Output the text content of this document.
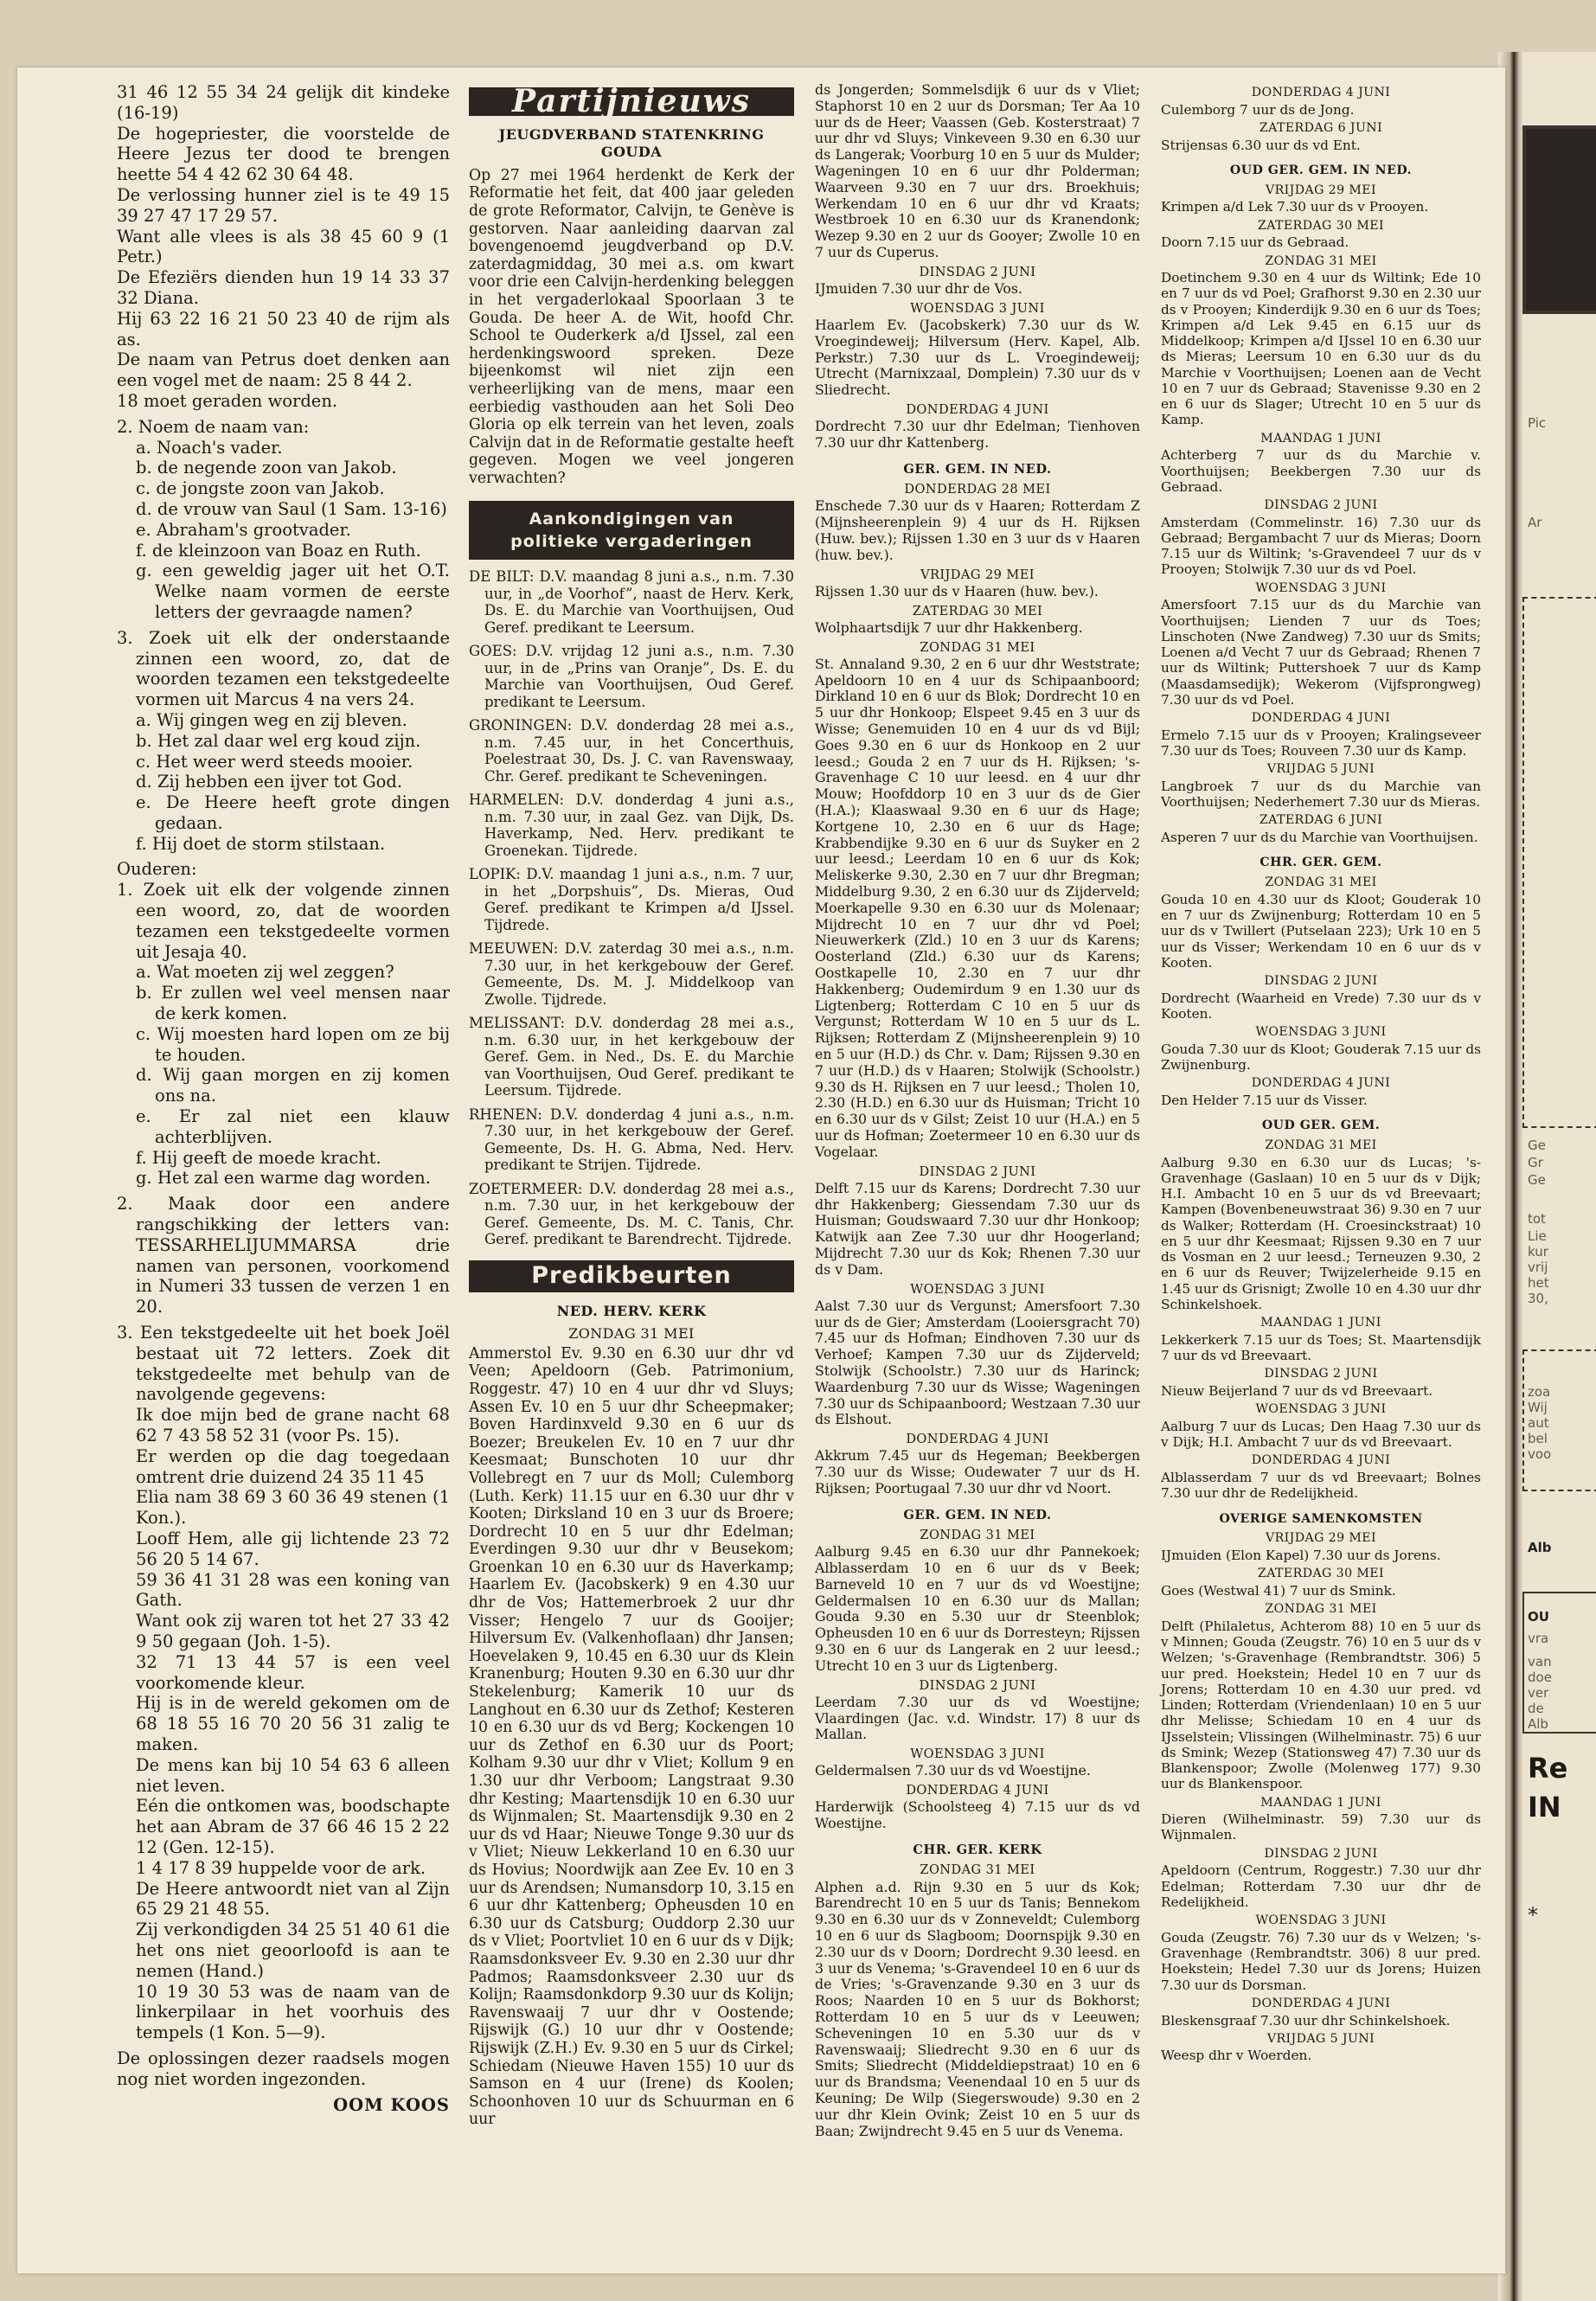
Pic
Ar
Ge
Gr
Ge
tot
Lie
kur
vrij
het
30,
zoa
Wij
aut
bel
voo
Alb
OU
vra
van
doe
ver
de
Alb
Re
IN
*

31 46 12 55 34 24 gelijk dit kindeke (16-19)

De hogepriester, die voorstelde de Heere Jezus ter dood te brengen heette 54 4 42 62 30 64 48.

De verlossing hunner ziel is te 49 15 39 27 47 17 29 57.

Want alle vlees is als 38 45 60 9 (1 Petr.)

De Efeziërs dienden hun 19 14 33 37 32 Diana.

Hij 63 22 16 21 50 23 40 de rijm als as.

De naam van Petrus doet denken aan een vogel met de naam: 25 8 44 2.

18 moet geraden worden.

2. Noem de naam van:

a. Noach's vader.

b. de negende zoon van Jakob.

c. de jongste zoon van Jakob.

d. de vrouw van Saul (1 Sam. 13-16)

e. Abraham's grootvader.

f. de kleinzoon van Boaz en Ruth.

g. een geweldig jager uit het O.T. Welke naam vormen de eerste letters der gevraagde namen?

3. Zoek uit elk der onderstaande zinnen een woord, zo, dat de woorden tezamen een tekstgedeelte vormen uit Marcus 4 na vers 24.

a. Wij gingen weg en zij bleven.

b. Het zal daar wel erg koud zijn.

c. Het weer werd steeds mooier.

d. Zij hebben een ijver tot God.

e. De Heere heeft grote dingen gedaan.

f. Hij doet de storm stilstaan.

Ouderen:

1. Zoek uit elk der volgende zinnen een woord, zo, dat de woorden tezamen een tekstgedeelte vormen uit Jesaja 40.

a. Wat moeten zij wel zeggen?

b. Er zullen wel veel mensen naar de kerk komen.

c. Wij moesten hard lopen om ze bij te houden.

d. Wij gaan morgen en zij komen ons na.

e. Er zal niet een klauw achterblijven.

f. Hij geeft de moede kracht.

g. Het zal een warme dag worden.

2. Maak door een andere rangschikking der letters van: TESSARHELIJUMMARSA drie namen van personen, voorkomend in Numeri 33 tussen de verzen 1 en 20.

3. Een tekstgedeelte uit het boek Joël bestaat uit 72 letters. Zoek dit tekstgedeelte met behulp van de navolgende gegevens:

Ik doe mijn bed de grane nacht 68 62 7 43 58 52 31 (voor Ps. 15).

Er werden op die dag toegedaan omtrent drie duizend 24 35 11 45

Elia nam 38 69 3 60 36 49 stenen (1 Kon.).

Looff Hem, alle gij lichtende 23 72 56 20 5 14 67.

59 36 41 31 28 was een koning van Gath.

Want ook zij waren tot het 27 33 42 9 50 gegaan (Joh. 1-5).

32 71 13 44 57 is een veel voorkomende kleur.

Hij is in de wereld gekomen om de 68 18 55 16 70 20 56 31 zalig te maken.

De mens kan bij 10 54 63 6 alleen niet leven.

Eén die ontkomen was, boodschapte het aan Abram de 37 66 46 15 2 22 12 (Gen. 12-15).

1 4 17 8 39 huppelde voor de ark.

De Heere antwoordt niet van al Zijn 65 29 21 48 55.

Zij verkondigden 34 25 51 40 61 die het ons niet geoorloofd is aan te nemen (Hand.)

10 19 30 53 was de naam van de linkerpilaar in het voorhuis des tempels (1 Kon. 5—9).

De oplossingen dezer raadsels mogen nog niet worden ingezonden.

OOM KOOS

Partijnieuws
JEUGDVERBAND STATENKRING GOUDA

Op 27 mei 1964 herdenkt de Kerk der Reformatie het feit, dat 400 jaar geleden de grote Reformator, Calvijn, te Genève is gestorven. Naar aanleiding daarvan zal bovengenoemd jeugdverband op D.V. zaterdagmiddag, 30 mei a.s. om kwart voor drie een Calvijn-herdenking beleggen in het vergaderlokaal Spoorlaan 3 te Gouda. De heer A. de Wit, hoofd Chr. School te Ouderkerk a/d IJssel, zal een herdenkingswoord spreken. Deze bijeenkomst wil niet zijn een verheerlijking van de mens, maar een eerbiedig vasthouden aan het Soli Deo Gloria op elk terrein van het leven, zoals Calvijn dat in de Reformatie gestalte heeft gegeven. Mogen we veel jongeren verwachten?

Aankondigingen van
politieke vergaderingen

DE BILT: D.V. maandag 8 juni a.s., n.m. 7.30 uur, in „de Voorhof”, naast de Herv. Kerk, Ds. E. du Marchie van Voorthuijsen, Oud Geref. predikant te Leersum.

GOES: D.V. vrijdag 12 juni a.s., n.m. 7.30 uur, in de „Prins van Oranje”, Ds. E. du Marchie van Voorthuijsen, Oud Geref. predikant te Leersum.

GRONINGEN: D.V. donderdag 28 mei a.s., n.m. 7.45 uur, in het Concerthuis, Poelestraat 30, Ds. J. C. van Ravenswaay, Chr. Geref. predikant te Scheveningen.

HARMELEN: D.V. donderdag 4 juni a.s., n.m. 7.30 uur, in zaal Gez. van Dijk, Ds. Haverkamp, Ned. Herv. predikant te Groenekan. Tijdrede.

LOPIK: D.V. maandag 1 juni a.s., n.m. 7 uur, in het „Dorpshuis”, Ds. Mieras, Oud Geref. predikant te Krimpen a/d IJssel. Tijdrede.

MEEUWEN: D.V. zaterdag 30 mei a.s., n.m. 7.30 uur, in het kerkgebouw der Geref. Gemeente, Ds. M. J. Middelkoop van Zwolle. Tijdrede.

MELISSANT: D.V. donderdag 28 mei a.s., n.m. 6.30 uur, in het kerkgebouw der Geref. Gem. in Ned., Ds. E. du Marchie van Voorthuijsen, Oud Geref. predikant te Leersum. Tijdrede.

RHENEN: D.V. donderdag 4 juni a.s., n.m. 7.30 uur, in het kerkgebouw der Geref. Gemeente, Ds. H. G. Abma, Ned. Herv. predikant te Strijen. Tijdrede.

ZOETERMEER: D.V. donderdag 28 mei a.s., n.m. 7.30 uur, in het kerkgebouw der Geref. Gemeente, Ds. M. C. Tanis, Chr. Geref. predikant te Barendrecht. Tijdrede.

Predikbeurten
NED. HERV. KERK
ZONDAG 31 MEI

Ammerstol Ev. 9.30 en 6.30 uur dhr vd Veen; Apeldoorn (Geb. Patrimonium, Roggestr. 47) 10 en 4 uur dhr vd Sluys; Assen Ev. 10 en 5 uur dhr Scheepmaker; Boven Hardinxveld 9.30 en 6 uur ds Boezer; Breukelen Ev. 10 en 7 uur dhr Keesmaat; Bunschoten 10 uur dhr Vollebregt en 7 uur ds Moll; Culemborg (Luth. Kerk) 11.15 uur en 6.30 uur dhr v Kooten; Dirksland 10 en 3 uur ds Broere; Dordrecht 10 en 5 uur dhr Edelman; Everdingen 9.30 uur dhr v Beusekom; Groenkan 10 en 6.30 uur ds Haverkamp; Haarlem Ev. (Jacobskerk) 9 en 4.30 uur dhr de Vos; Hattemerbroek 2 uur dhr Visser; Hengelo 7 uur ds Gooijer; Hilversum Ev. (Valkenhoflaan) dhr Jansen; Hoevelaken 9, 10.45 en 6.30 uur ds Klein Kranenburg; Houten 9.30 en 6.30 uur dhr Stekelenburg; Kamerik 10 uur ds Langhout en 6.30 uur ds Zethof; Kesteren 10 en 6.30 uur ds vd Berg; Kockengen 10 uur ds Zethof en 6.30 uur ds Poort; Kolham 9.30 uur dhr v Vliet; Kollum 9 en 1.30 uur dhr Verboom; Langstraat 9.30 dhr Kesting; Maartensdijk 10 en 6.30 uur ds Wijnmalen; St. Maartensdijk 9.30 en 2 uur ds vd Haar; Nieuwe Tonge 9.30 uur ds v Vliet; Nieuw Lekkerland 10 en 6.30 uur ds Hovius; Noordwijk aan Zee Ev. 10 en 3 uur ds Arendsen; Numansdorp 10, 3.15 en 6 uur dhr Kattenberg; Opheusden 10 en 6.30 uur ds Catsburg; Ouddorp 2.30 uur ds v Vliet; Poortvliet 10 en 6 uur ds v Dijk; Raamsdonksveer Ev. 9.30 en 2.30 uur dhr Padmos; Raamsdonksveer 2.30 uur ds Kolijn; Raamsdonkdorp 9.30 uur ds Kolijn; Ravenswaaij 7 uur dhr v Oostende; Rijswijk (G.) 10 uur dhr v Oostende; Rijswijk (Z.H.) Ev. 9.30 en 5 uur ds Cirkel; Schiedam (Nieuwe Haven 155) 10 uur ds Samson en 4 uur (Irene) ds Koolen; Schoonhoven 10 uur ds Schuurman en 6 uur

ds Jongerden; Sommelsdijk 6 uur ds v Vliet; Staphorst 10 en 2 uur ds Dorsman; Ter Aa 10 uur ds de Heer; Vaassen (Geb. Kosterstraat) 7 uur dhr vd Sluys; Vinkeveen 9.30 en 6.30 uur ds Langerak; Voorburg 10 en 5 uur ds Mulder; Wageningen 10 en 6 uur dhr Polderman; Waarveen 9.30 en 7 uur drs. Broekhuis; Werkendam 10 en 6 uur dhr vd Kraats; Westbroek 10 en 6.30 uur ds Kranendonk; Wezep 9.30 en 2 uur ds Gooyer; Zwolle 10 en 7 uur ds Cuperus.

DINSDAG 2 JUNI

IJmuiden 7.30 uur dhr de Vos.

WOENSDAG 3 JUNI

Haarlem Ev. (Jacobskerk) 7.30 uur ds W. Vroegindeweij; Hilversum (Herv. Kapel, Alb. Perkstr.) 7.30 uur ds L. Vroegindeweij; Utrecht (Marnixzaal, Domplein) 7.30 uur ds v Sliedrecht.

DONDERDAG 4 JUNI

Dordrecht 7.30 uur dhr Edelman; Tienhoven 7.30 uur dhr Kattenberg.

GER. GEM. IN NED.
DONDERDAG 28 MEI

Enschede 7.30 uur ds v Haaren; Rotterdam Z (Mijnsheerenplein 9) 4 uur ds H. Rijksen (Huw. bev.); Rijssen 1.30 en 3 uur ds v Haaren (huw. bev.).

VRIJDAG 29 MEI

Rijssen 1.30 uur ds v Haaren (huw. bev.).

ZATERDAG 30 MEI

Wolphaartsdijk 7 uur dhr Hakkenberg.

ZONDAG 31 MEI

St. Annaland 9.30, 2 en 6 uur dhr Weststrate; Apeldoorn 10 en 4 uur ds Schipaanboord; Dirkland 10 en 6 uur ds Blok; Dordrecht 10 en 5 uur dhr Honkoop; Elspeet 9.45 en 3 uur ds Wisse; Genemuiden 10 en 4 uur ds vd Bijl; Goes 9.30 en 6 uur ds Honkoop en 2 uur leesd.; Gouda 2 en 7 uur ds H. Rijksen; 's-Gravenhage C 10 uur leesd. en 4 uur dhr Mouw; Hoofddorp 10 en 3 uur ds de Gier (H.A.); Klaaswaal 9.30 en 6 uur ds Hage; Kortgene 10, 2.30 en 6 uur ds Hage; Krabbendijke 9.30 en 6 uur ds Suyker en 2 uur leesd.; Leerdam 10 en 6 uur ds Kok; Meliskerke 9.30, 2.30 en 7 uur dhr Bregman; Middelburg 9.30, 2 en 6.30 uur ds Zijderveld; Moerkapelle 9.30 en 6.30 uur ds Molenaar; Mijdrecht 10 en 7 uur dhr vd Poel; Nieuwerkerk (Zld.) 10 en 3 uur ds Karens; Oosterland (Zld.) 6.30 uur ds Karens; Oostkapelle 10, 2.30 en 7 uur dhr Hakkenberg; Oudemirdum 9 en 1.30 uur ds Ligtenberg; Rotterdam C 10 en 5 uur ds Vergunst; Rotterdam W 10 en 5 uur ds L. Rijksen; Rotterdam Z (Mijnsheerenplein 9) 10 en 5 uur (H.D.) ds Chr. v. Dam; Rijssen 9.30 en 7 uur (H.D.) ds v Haaren; Stolwijk (Schoolstr.) 9.30 ds H. Rijksen en 7 uur leesd.; Tholen 10, 2.30 (H.D.) en 6.30 uur ds Huisman; Tricht 10 en 6.30 uur ds v Gilst; Zeist 10 uur (H.A.) en 5 uur ds Hofman; Zoetermeer 10 en 6.30 uur ds Vogelaar.

DINSDAG 2 JUNI

Delft 7.15 uur ds Karens; Dordrecht 7.30 uur dhr Hakkenberg; Giessendam 7.30 uur ds Huisman; Goudswaard 7.30 uur dhr Honkoop; Katwijk aan Zee 7.30 uur dhr Hoogerland; Mijdrecht 7.30 uur ds Kok; Rhenen 7.30 uur ds v Dam.

WOENSDAG 3 JUNI

Aalst 7.30 uur ds Vergunst; Amersfoort 7.30 uur ds de Gier; Amsterdam (Looiersgracht 70) 7.45 uur ds Hofman; Eindhoven 7.30 uur ds Verhoef; Kampen 7.30 uur ds Zijderveld; Stolwijk (Schoolstr.) 7.30 uur ds Harinck; Waardenburg 7.30 uur ds Wisse; Wageningen 7.30 uur ds Schipaanboord; Westzaan 7.30 uur ds Elshout.

DONDERDAG 4 JUNI

Akkrum 7.45 uur ds Hegeman; Beekbergen 7.30 uur ds Wisse; Oudewater 7 uur ds H. Rijksen; Poortugaal 7.30 uur dhr vd Noort.

GER. GEM. IN NED.
ZONDAG 31 MEI

Aalburg 9.45 en 6.30 uur dhr Pannekoek; Alblasserdam 10 en 6 uur ds v Beek; Barneveld 10 en 7 uur ds vd Woestijne; Geldermalsen 10 en 6.30 uur ds Mallan; Gouda 9.30 en 5.30 uur dr Steenblok; Opheusden 10 en 6 uur ds Dorresteyn; Rijssen 9.30 en 6 uur ds Langerak en 2 uur leesd.; Utrecht 10 en 3 uur ds Ligtenberg.

DINSDAG 2 JUNI

Leerdam 7.30 uur ds vd Woestijne; Vlaardingen (Jac. v.d. Windstr. 17) 8 uur ds Mallan.

WOENSDAG 3 JUNI

Geldermalsen 7.30 uur ds vd Woestijne.

DONDERDAG 4 JUNI

Harderwijk (Schoolsteeg 4) 7.15 uur ds vd Woestijne.

CHR. GER. KERK
ZONDAG 31 MEI

Alphen a.d. Rijn 9.30 en 5 uur ds Kok; Barendrecht 10 en 5 uur ds Tanis; Bennekom 9.30 en 6.30 uur ds v Zonneveldt; Culemborg 10 en 6 uur ds Slagboom; Doornspijk 9.30 en 2.30 uur ds v Doorn; Dordrecht 9.30 leesd. en 3 uur ds Venema; 's-Gravendeel 10 en 6 uur ds de Vries; 's-Gravenzande 9.30 en 3 uur ds Roos; Naarden 10 en 5 uur ds Bokhorst; Rotterdam 10 en 5 uur ds v Leeuwen; Scheveningen 10 en 5.30 uur ds v Ravenswaaij; Sliedrecht 9.30 en 6 uur ds Smits; Sliedrecht (Middeldiepstraat) 10 en 6 uur ds Brandsma; Veenendaal 10 en 5 uur ds Keuning; De Wilp (Siegerswoude) 9.30 en 2 uur dhr Klein Ovink; Zeist 10 en 5 uur ds Baan; Zwijndrecht 9.45 en 5 uur ds Venema.

DONDERDAG 4 JUNI

Culemborg 7 uur ds de Jong.

ZATERDAG 6 JUNI

Strijensas 6.30 uur ds vd Ent.

OUD GER. GEM. IN NED.
VRIJDAG 29 MEI

Krimpen a/d Lek 7.30 uur ds v Prooyen.

ZATERDAG 30 MEI

Doorn 7.15 uur ds Gebraad.

ZONDAG 31 MEI

Doetinchem 9.30 en 4 uur ds Wiltink; Ede 10 en 7 uur ds vd Poel; Grafhorst 9.30 en 2.30 uur ds v Prooyen; Kinderdijk 9.30 en 6 uur ds Toes; Krimpen a/d Lek 9.45 en 6.15 uur ds Middelkoop; Krimpen a/d IJssel 10 en 6.30 uur ds Mieras; Leersum 10 en 6.30 uur ds du Marchie v Voorthuijsen; Loenen aan de Vecht 10 en 7 uur ds Gebraad; Stavenisse 9.30 en 2 en 6 uur ds Slager; Utrecht 10 en 5 uur ds Kamp.

MAANDAG 1 JUNI

Achterberg 7 uur ds du Marchie v. Voorthuijsen; Beekbergen 7.30 uur ds Gebraad.

DINSDAG 2 JUNI

Amsterdam (Commelinstr. 16) 7.30 uur ds Gebraad; Bergambacht 7 uur ds Mieras; Doorn 7.15 uur ds Wiltink; 's-Gravendeel 7 uur ds v Prooyen; Stolwijk 7.30 uur ds vd Poel.

WOENSDAG 3 JUNI

Amersfoort 7.15 uur ds du Marchie van Voorthuijsen; Lienden 7 uur ds Toes; Linschoten (Nwe Zandweg) 7.30 uur ds Smits; Loenen a/d Vecht 7 uur ds Gebraad; Rhenen 7 uur ds Wiltink; Puttershoek 7 uur ds Kamp (Maasdamsedijk); Wekerom (Vijfsprongweg) 7.30 uur ds vd Poel.

DONDERDAG 4 JUNI

Ermelo 7.15 uur ds v Prooyen; Kralingseveer 7.30 uur ds Toes; Rouveen 7.30 uur ds Kamp.

VRIJDAG 5 JUNI

Langbroek 7 uur ds du Marchie van Voorthuijsen; Nederhemert 7.30 uur ds Mieras.

ZATERDAG 6 JUNI

Asperen 7 uur ds du Marchie van Voorthuijsen.

CHR. GER. GEM.
ZONDAG 31 MEI

Gouda 10 en 4.30 uur ds Kloot; Gouderak 10 en 7 uur ds Zwijnenburg; Rotterdam 10 en 5 uur ds v Twillert (Putselaan 223); Urk 10 en 5 uur ds Visser; Werkendam 10 en 6 uur ds v Kooten.

DINSDAG 2 JUNI

Dordrecht (Waarheid en Vrede) 7.30 uur ds v Kooten.

WOENSDAG 3 JUNI

Gouda 7.30 uur ds Kloot; Gouderak 7.15 uur ds Zwijnenburg.

DONDERDAG 4 JUNI

Den Helder 7.15 uur ds Visser.

OUD GER. GEM.
ZONDAG 31 MEI

Aalburg 9.30 en 6.30 uur ds Lucas; 's-Gravenhage (Gaslaan) 10 en 5 uur ds v Dijk; H.I. Ambacht 10 en 5 uur ds vd Breevaart; Kampen (Bovenbeneuwstraat 36) 9.30 en 7 uur ds Walker; Rotterdam (H. Croesinckstraat) 10 en 5 uur dhr Keesmaat; Rijssen 9.30 en 7 uur ds Vosman en 2 uur leesd.; Terneuzen 9.30, 2 en 6 uur ds Reuver; Twijzelerheide 9.15 en 1.45 uur ds Grisnigt; Zwolle 10 en 4.30 uur dhr Schinkelshoek.

MAANDAG 1 JUNI

Lekkerkerk 7.15 uur ds Toes; St. Maartensdijk 7 uur ds vd Breevaart.

DINSDAG 2 JUNI

Nieuw Beijerland 7 uur ds vd Breevaart.

WOENSDAG 3 JUNI

Aalburg 7 uur ds Lucas; Den Haag 7.30 uur ds v Dijk; H.I. Ambacht 7 uur ds vd Breevaart.

DONDERDAG 4 JUNI

Alblasserdam 7 uur ds vd Breevaart; Bolnes 7.30 uur dhr de Redelijkheid.

OVERIGE SAMENKOMSTEN
VRIJDAG 29 MEI

IJmuiden (Elon Kapel) 7.30 uur ds Jorens.

ZATERDAG 30 MEI

Goes (Westwal 41) 7 uur ds Smink.

ZONDAG 31 MEI

Delft (Philaletus, Achterom 88) 10 en 5 uur ds v Minnen; Gouda (Zeugstr. 76) 10 en 5 uur ds v Welzen; 's-Gravenhage (Rembrandtstr. 306) 5 uur pred. Hoekstein; Hedel 10 en 7 uur ds Jorens; Rotterdam 10 en 4.30 uur pred. vd Linden; Rotterdam (Vriendenlaan) 10 en 5 uur dhr Melisse; Schiedam 10 en 4 uur ds IJsselstein; Vlissingen (Wilhelminastr. 75) 6 uur ds Smink; Wezep (Stationsweg 47) 7.30 uur ds Blankenspoor; Zwolle (Molenweg 177) 9.30 uur ds Blankenspoor.

MAANDAG 1 JUNI

Dieren (Wilhelminastr. 59) 7.30 uur ds Wijnmalen.

DINSDAG 2 JUNI

Apeldoorn (Centrum, Roggestr.) 7.30 uur dhr Edelman; Rotterdam 7.30 uur dhr de Redelijkheid.

WOENSDAG 3 JUNI

Gouda (Zeugstr. 76) 7.30 uur ds v Welzen; 's-Gravenhage (Rembrandtstr. 306) 8 uur pred. Hoekstein; Hedel 7.30 uur ds Jorens; Huizen 7.30 uur ds Dorsman.

DONDERDAG 4 JUNI

Bleskensgraaf 7.30 uur dhr Schinkelshoek.

VRIJDAG 5 JUNI

Weesp dhr v Woerden.
